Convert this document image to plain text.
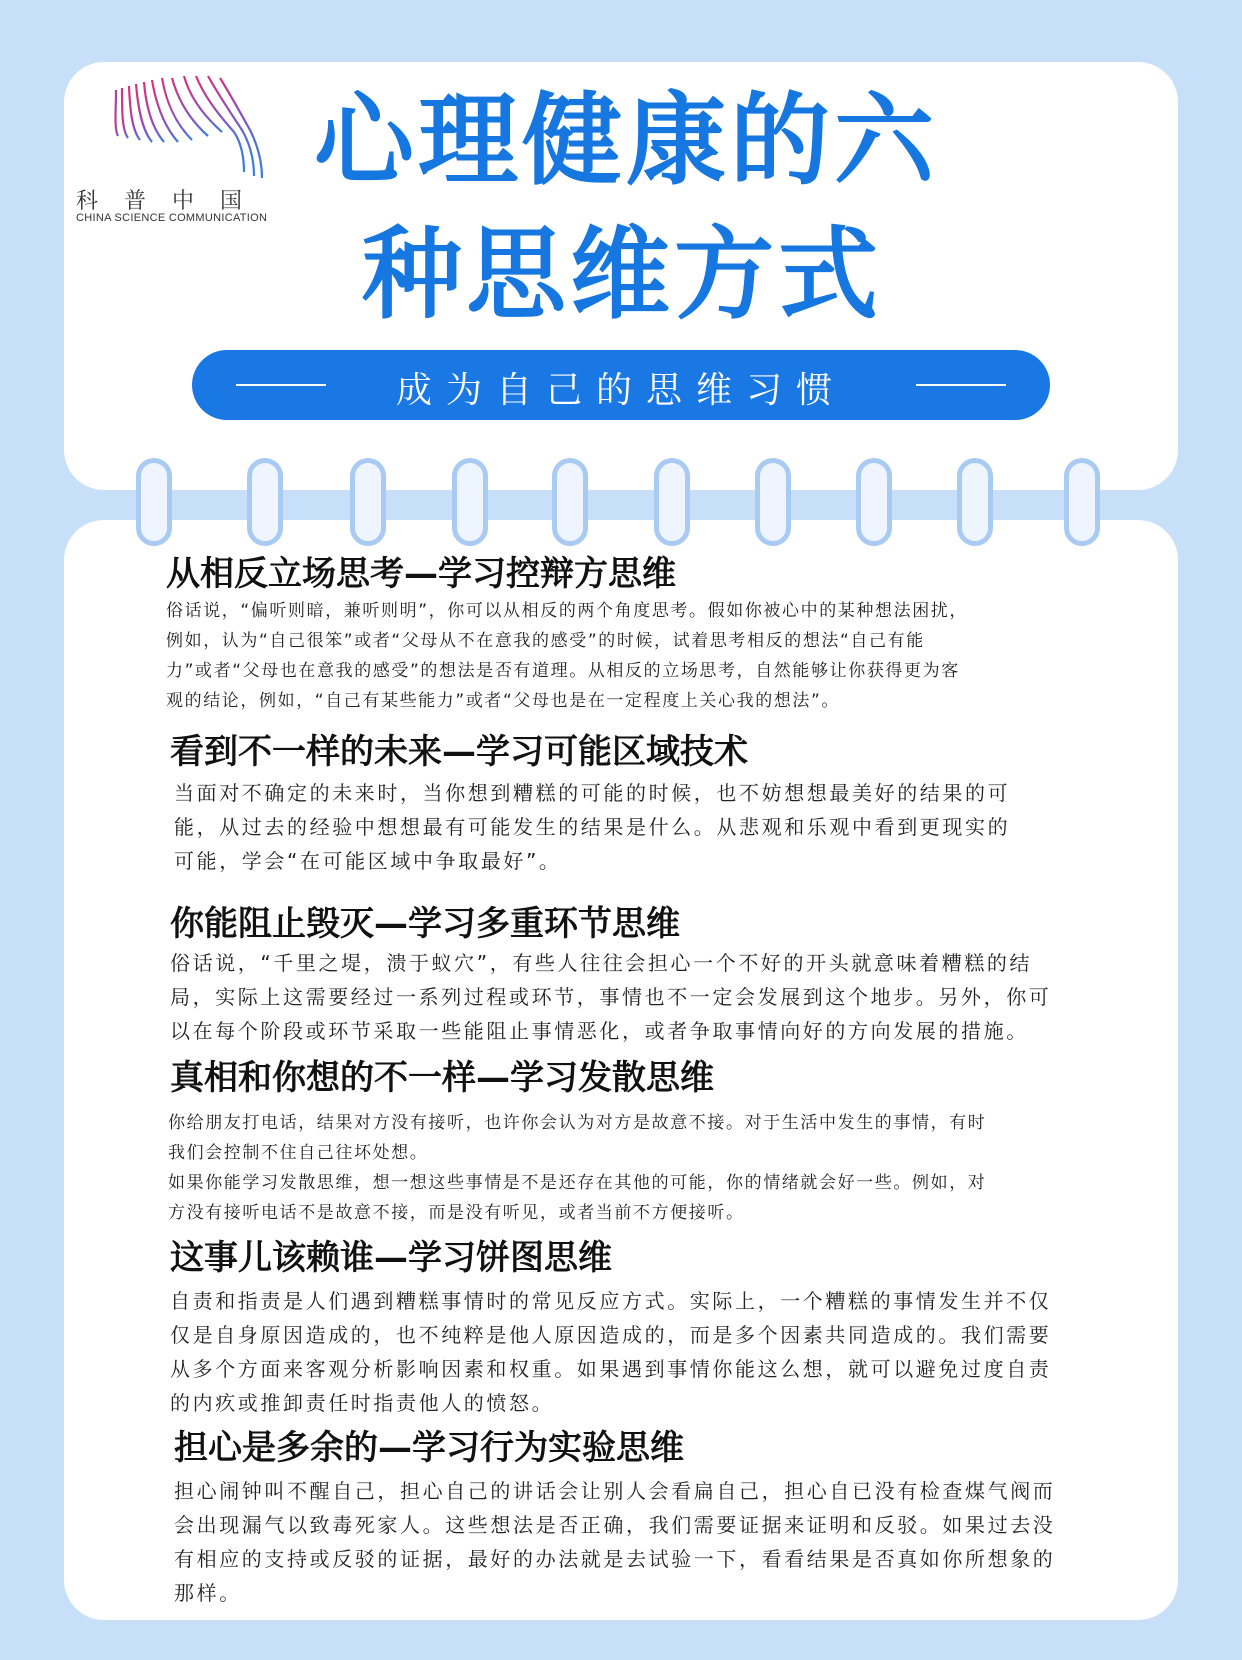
科普中国
CHINA SCIENCE COMMUNICATION
心理健康的六
种思维方式
成为自己的思维习惯
从相反立场思考—学习控辩方思维
俗话说，“偏听则暗，兼听则明”，你可以从相反的两个角度思考。假如你被心中的某种想法困扰，
例如，认为“自己很笨”或者“父母从不在意我的感受”的时候，试着思考相反的想法“自己有能
力”或者“父母也在意我的感受”的想法是否有道理。从相反的立场思考，自然能够让你获得更为客
观的结论，例如，“自己有某些能力”或者“父母也是在一定程度上关心我的想法”。
看到不一样的未来—学习可能区域技术
当面对不确定的未来时，当你想到糟糕的可能的时候，也不妨想想最美好的结果的可
能，从过去的经验中想想最有可能发生的结果是什么。从悲观和乐观中看到更现实的
可能，学会“在可能区域中争取最好”。
你能阻止毁灭—学习多重环节思维
俗话说，“千里之堤，溃于蚁穴”，有些人往往会担心一个不好的开头就意味着糟糕的结
局，实际上这需要经过一系列过程或环节，事情也不一定会发展到这个地步。另外，你可
以在每个阶段或环节采取一些能阻止事情恶化，或者争取事情向好的方向发展的措施。
真相和你想的不一样—学习发散思维
你给朋友打电话，结果对方没有接听，也许你会认为对方是故意不接。对于生活中发生的事情，有时
我们会控制不住自己往坏处想。
如果你能学习发散思维，想一想这些事情是不是还存在其他的可能，你的情绪就会好一些。例如，对
方没有接听电话不是故意不接，而是没有听见，或者当前不方便接听。
这事儿该赖谁—学习饼图思维
自责和指责是人们遇到糟糕事情时的常见反应方式。实际上，一个糟糕的事情发生并不仅
仅是自身原因造成的，也不纯粹是他人原因造成的，而是多个因素共同造成的。我们需要
从多个方面来客观分析影响因素和权重。如果遇到事情你能这么想，就可以避免过度自责
的内疚或推卸责任时指责他人的愤怒。
担心是多余的—学习行为实验思维
担心闹钟叫不醒自己，担心自己的讲话会让别人会看扁自己，担心自已没有检查煤气阀而
会出现漏气以致毒死家人。这些想法是否正确，我们需要证据来证明和反驳。如果过去没
有相应的支持或反驳的证据，最好的办法就是去试验一下，看看结果是否真如你所想象的
那样。
